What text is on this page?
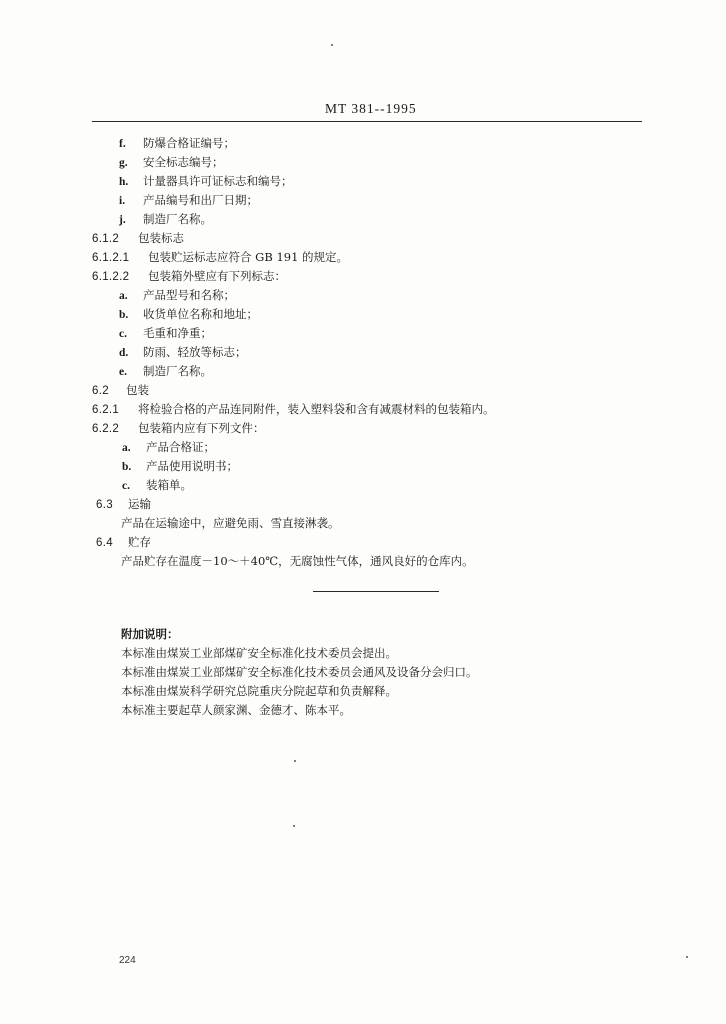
MT 381--1995
f. 防爆合格证编号；
g. 安全标志编号；
h. 计量器具许可证标志和编号；
i. 产品编号和出厂日期；
j. 制造厂名称。
6.1.2 包装标志
6.1.2.1 包装贮运标志应符合 GB 191 的规定。
6.1.2.2 包装箱外壁应有下列标志：
a. 产品型号和名称；
b. 收货单位名称和地址；
c. 毛重和净重；
d. 防雨、轻放等标志；
e. 制造厂名称。
6.2 包装
6.2.1 将检验合格的产品连同附件，装入塑料袋和含有减震材料的包装箱内。
6.2.2 包装箱内应有下列文件：
a. 产品合格证；
b. 产品使用说明书；
c. 装箱单。
6.3 运输
产品在运输途中，应避免雨、雪直接淋袭。
6.4 贮存
产品贮存在温度－10～＋40℃，无腐蚀性气体，通风良好的仓库内。
附加说明：
本标准由煤炭工业部煤矿安全标准化技术委员会提出。
本标准由煤炭工业部煤矿安全标准化技术委员会通风及设备分会归口。
本标准由煤炭科学研究总院重庆分院起草和负责解释。
本标准主要起草人颜家渊、金德才、陈本平。
224
